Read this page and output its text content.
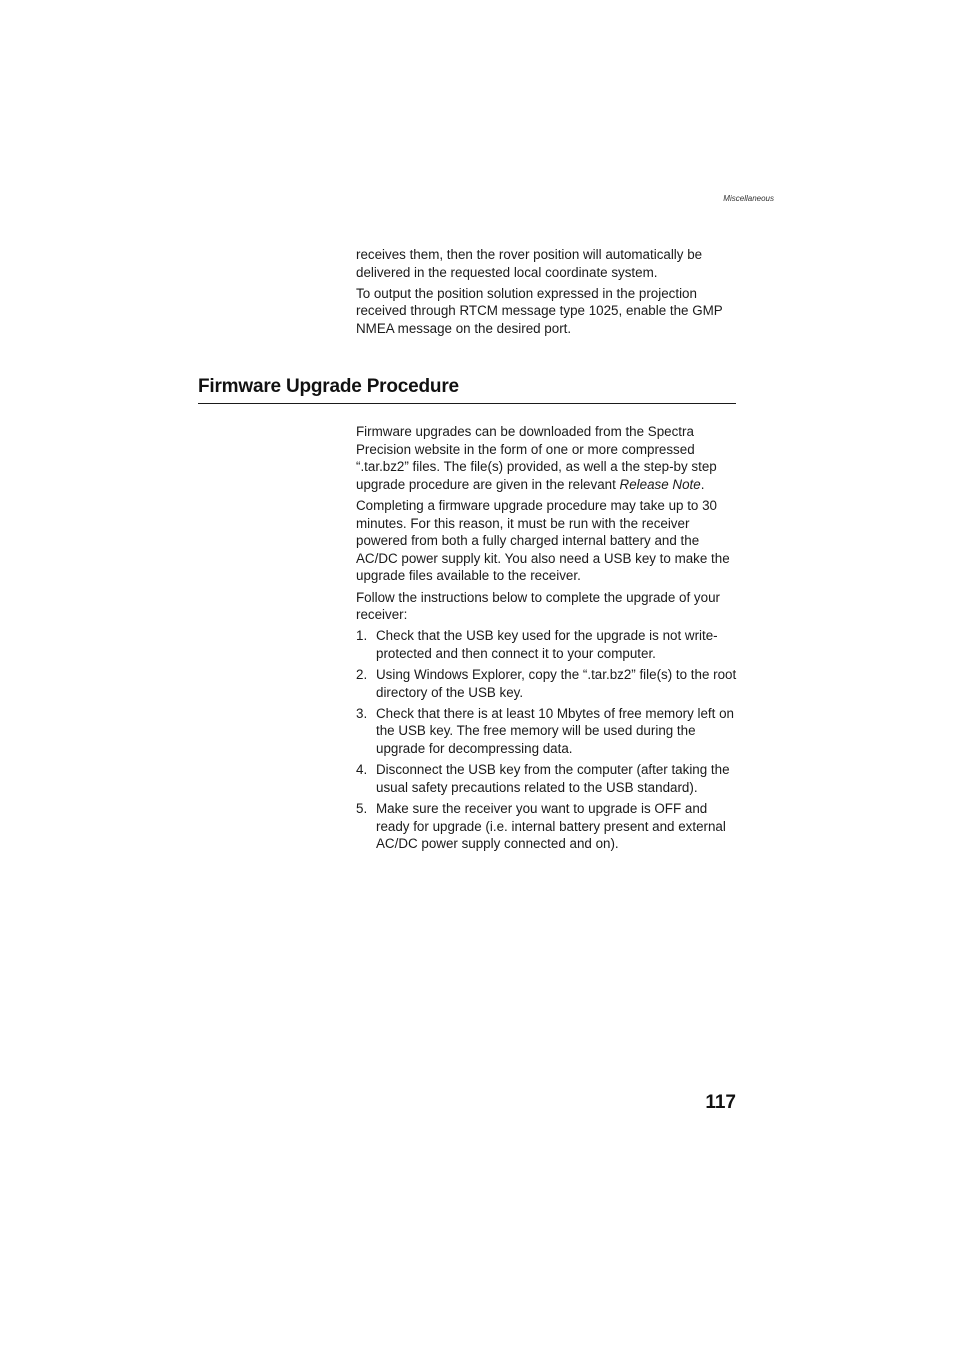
Miscellaneous

receives them, then the rover position will automatically be delivered in the requested local coordinate system.

To output the position solution expressed in the projection received through RTCM message type 1025, enable the GMP NMEA message on the desired port.

Firmware Upgrade Procedure

Firmware upgrades can be downloaded from the Spectra Precision website in the form of one or more compressed “.tar.bz2” files. The file(s) provided, as well a the step-by step upgrade procedure are given in the relevant Release Note.

Completing a firmware upgrade procedure may take up to 30 minutes. For this reason, it must be run with the receiver powered from both a fully charged internal battery and the AC/DC power supply kit. You also need a USB key to make the upgrade files available to the receiver.

Follow the instructions below to complete the upgrade of your receiver:

1. Check that the USB key used for the upgrade is not write-protected and then connect it to your computer.
2. Using Windows Explorer, copy the “.tar.bz2” file(s) to the root directory of the USB key.
3. Check that there is at least 10 Mbytes of free memory left on the USB key. The free memory will be used during the upgrade for decompressing data.
4. Disconnect the USB key from the computer (after taking the usual safety precautions related to the USB standard).
5. Make sure the receiver you want to upgrade is OFF and ready for upgrade (i.e. internal battery present and external AC/DC power supply connected and on).
117
